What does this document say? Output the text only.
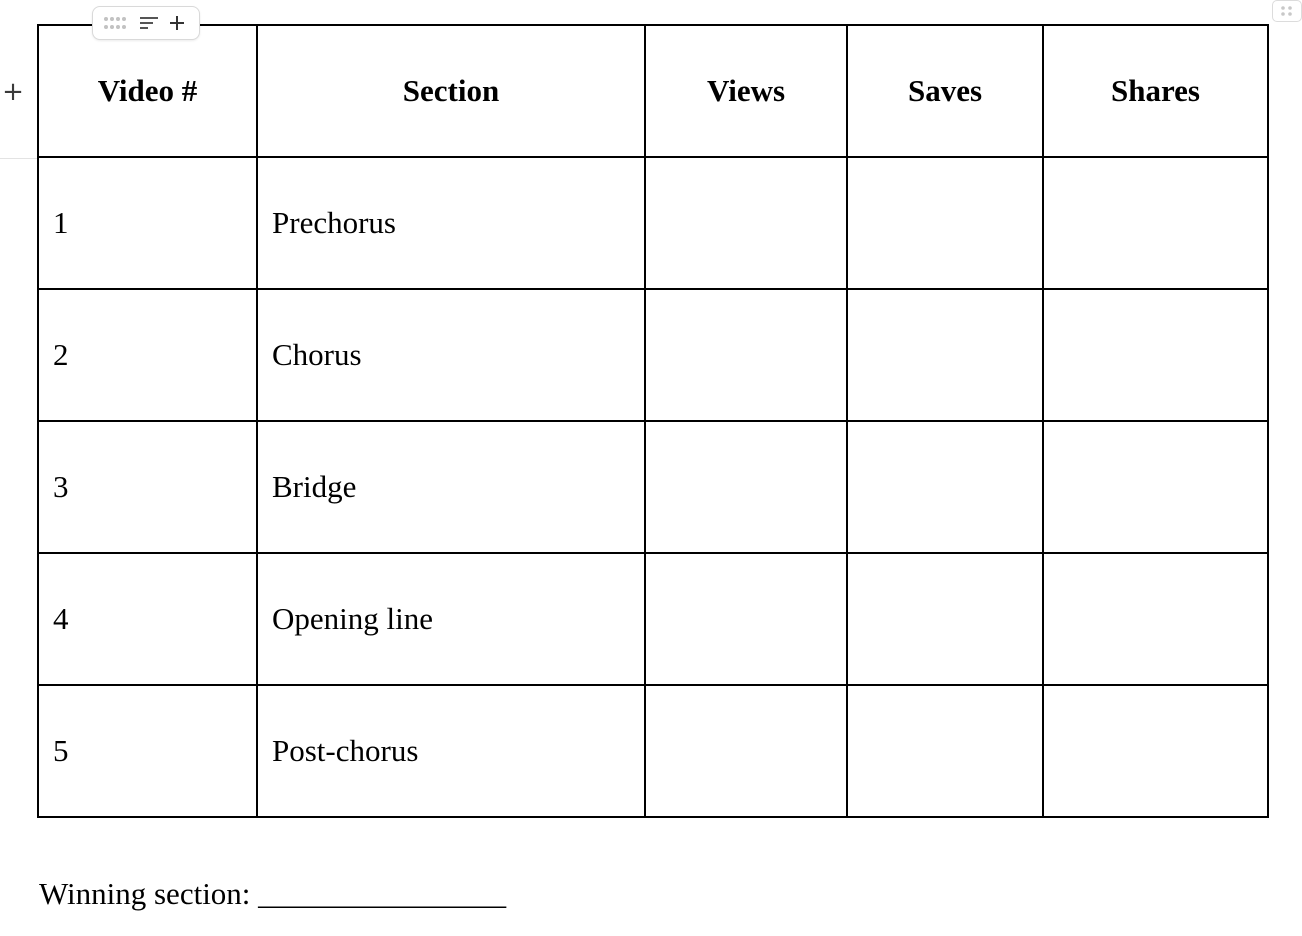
+ Video #	Section	Views	Saves	Shares
1	Prechorus			
2	Chorus			
3	Bridge			
4	Opening line			
5	Post-chorus			
Winning section: ________________
